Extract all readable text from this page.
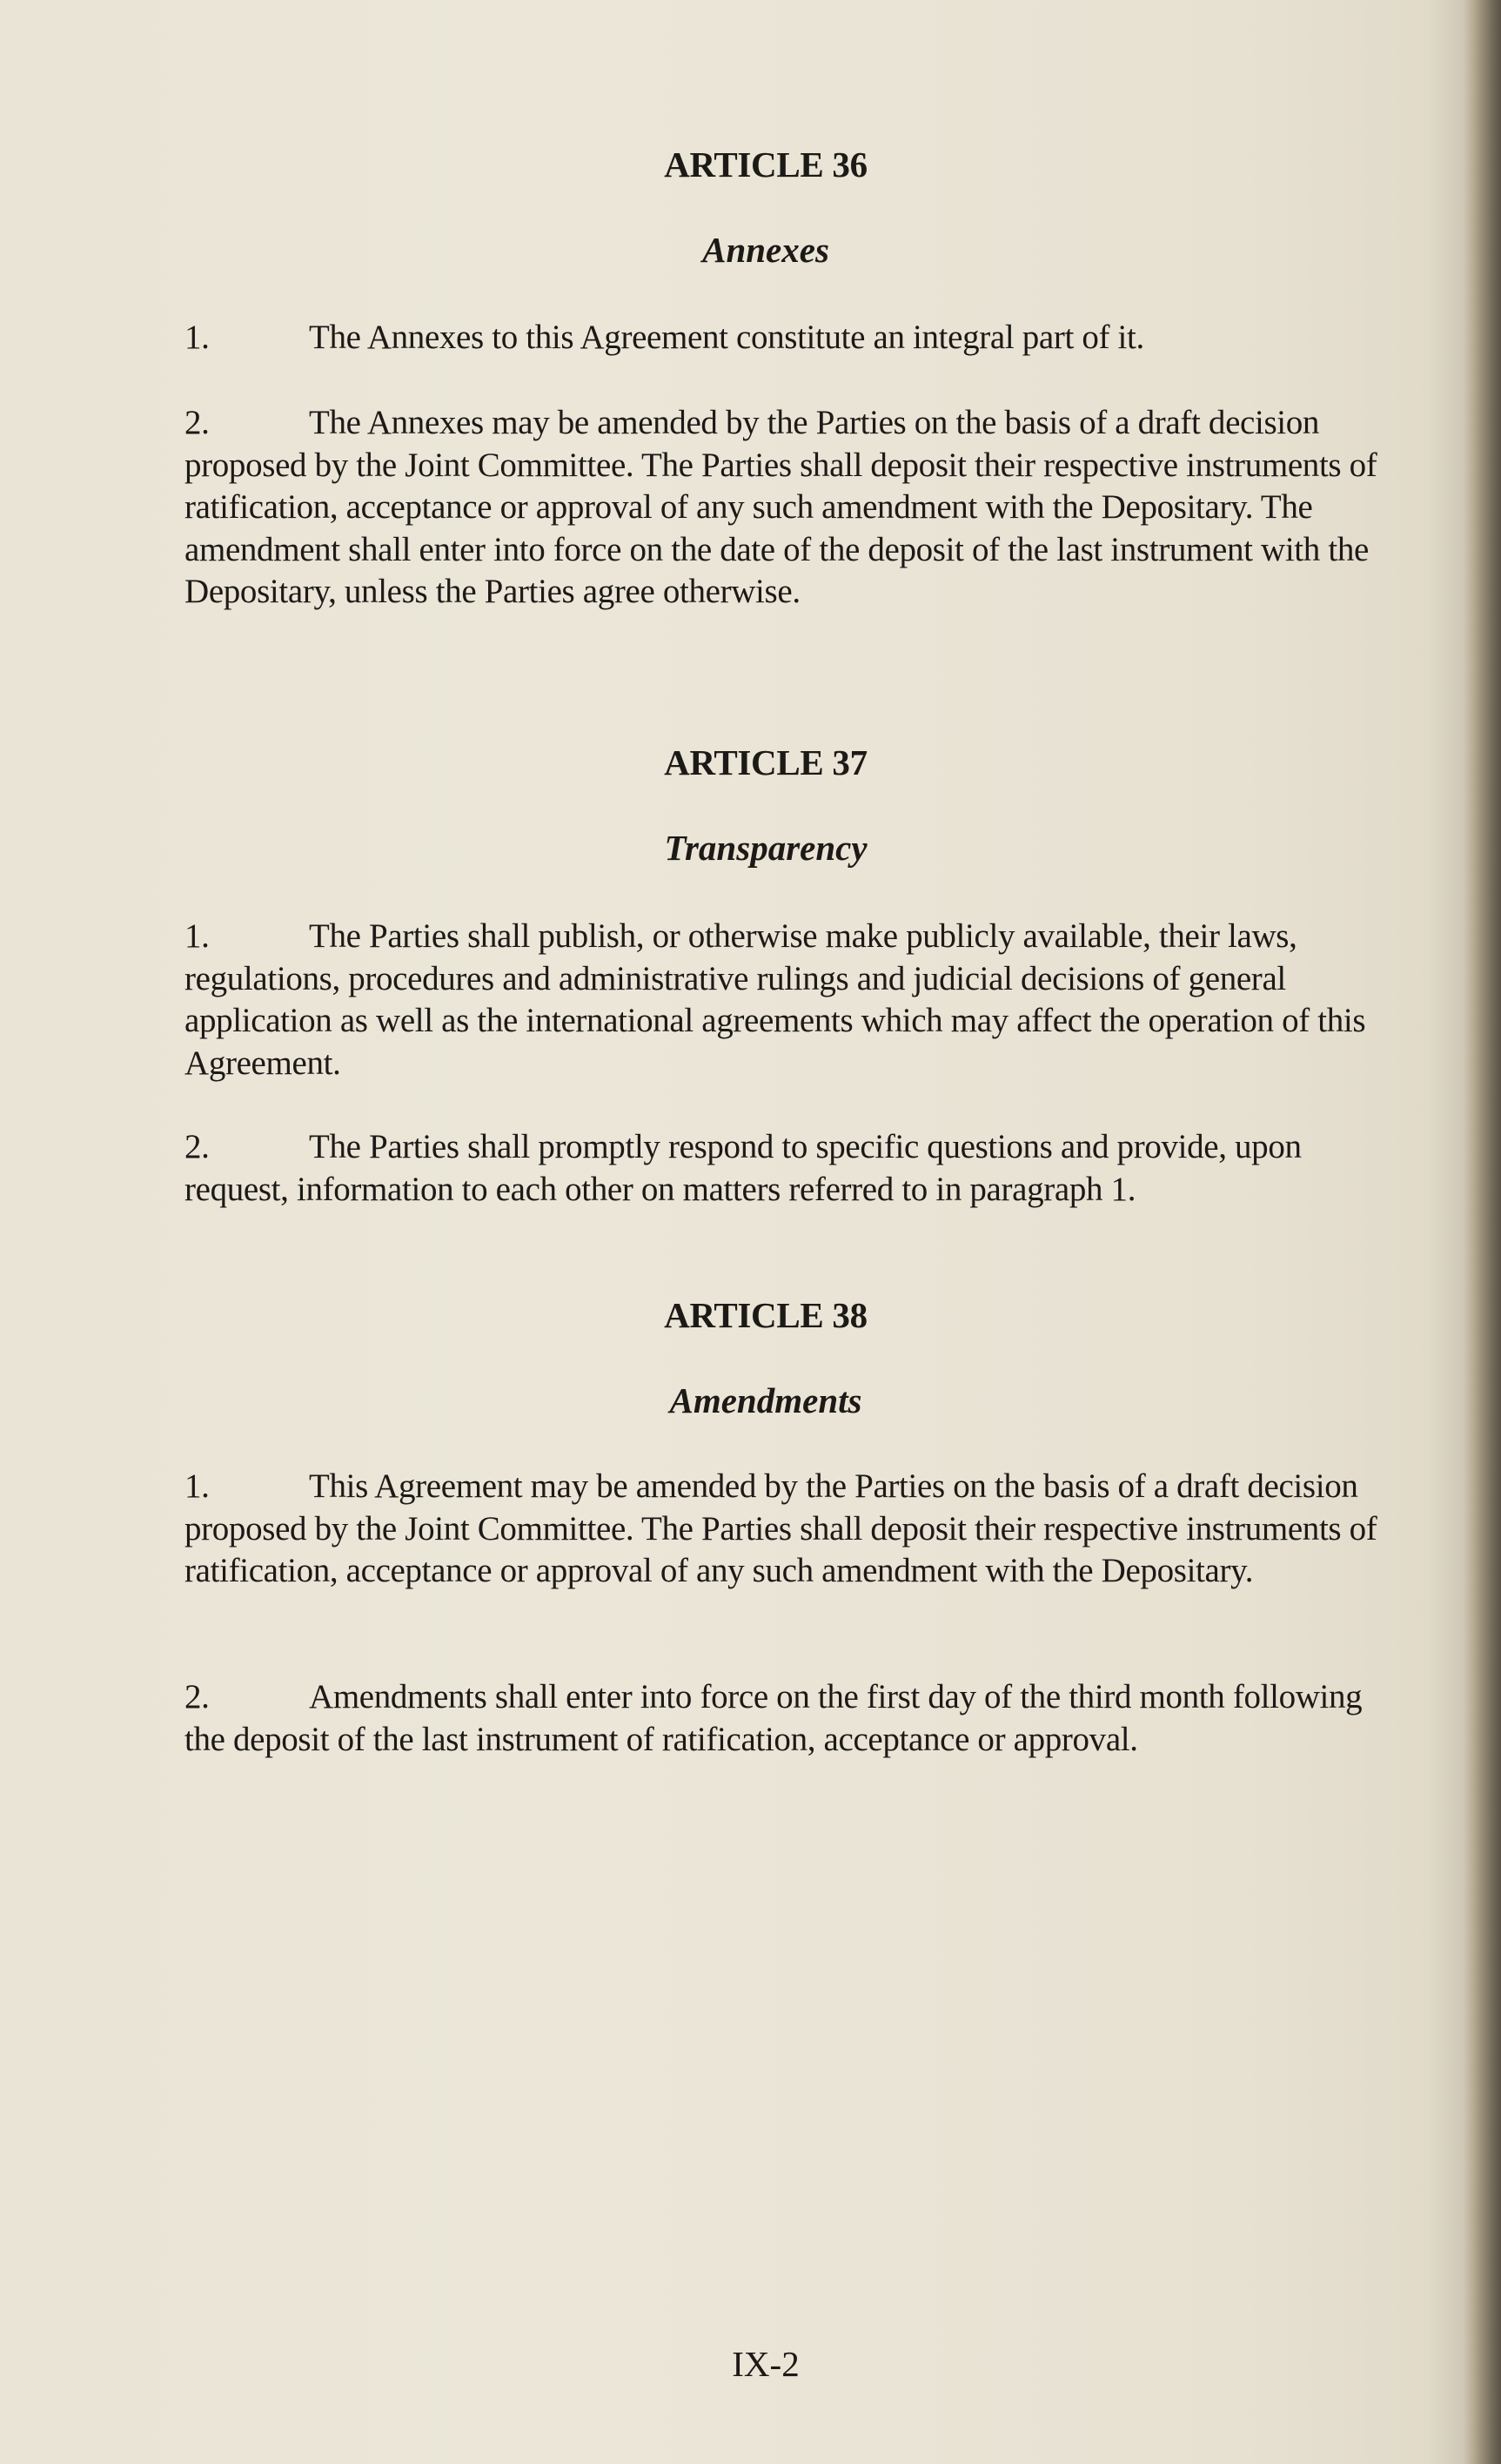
ARTICLE 36
Annexes
1.	The Annexes to this Agreement constitute an integral part of it.
2.	The Annexes may be amended by the Parties on the basis of a draft decision proposed by the Joint Committee. The Parties shall deposit their respective instruments of ratification, acceptance or approval of any such amendment with the Depositary. The amendment shall enter into force on the date of the deposit of the last instrument with the Depositary, unless the Parties agree otherwise.
ARTICLE 37
Transparency
1.	The Parties shall publish, or otherwise make publicly available, their laws, regulations, procedures and administrative rulings and judicial decisions of general application as well as the international agreements which may affect the operation of this Agreement.
2.	The Parties shall promptly respond to specific questions and provide, upon request, information to each other on matters referred to in paragraph 1.
ARTICLE 38
Amendments
1.	This Agreement may be amended by the Parties on the basis of a draft decision proposed by the Joint Committee. The Parties shall deposit their respective instruments of ratification, acceptance or approval of any such amendment with the Depositary.
2.	Amendments shall enter into force on the first day of the third month following the deposit of the last instrument of ratification, acceptance or approval.
IX-2
